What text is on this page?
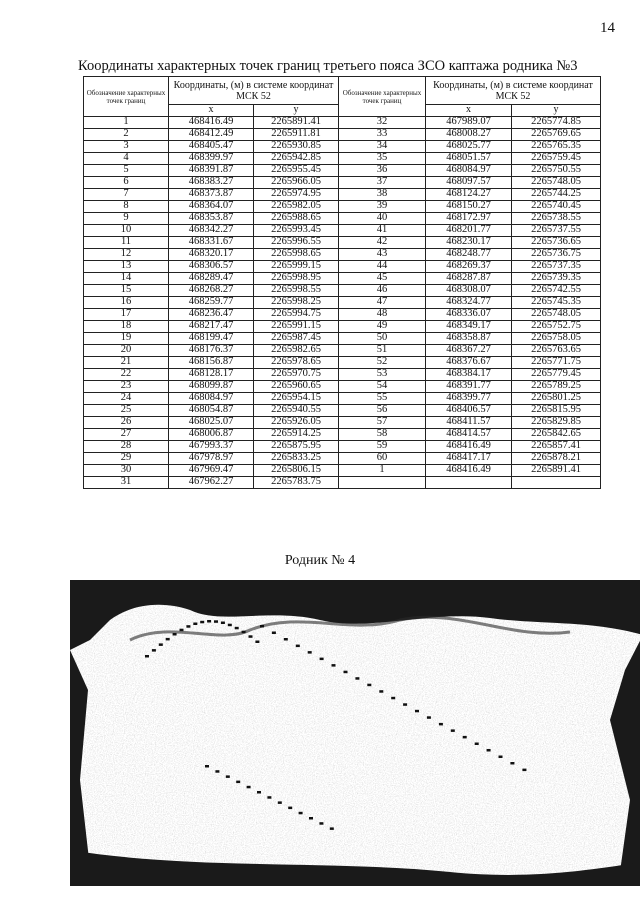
14
Координаты характерных точек границ третьего пояса ЗСО каптажа родника №3
Обозначение характерных точек границ	Координаты, (м) в системе координат МСК 52		Обозначение характерных точек границ	Координаты, (м) в системе координат МСК 52	
	x	y		x	y
1	468416.49	2265891.41	32	467989.07	2265774.85
2	468412.49	2265911.81	33	468008.27	2265769.65
3	468405.47	2265930.85	34	468025.77	2265765.35
4	468399.97	2265942.85	35	468051.57	2265759.45
5	468391.87	2265955.45	36	468084.97	2265750.55
6	468383.27	2265966.05	37	468097.57	2265748.05
7	468373.87	2265974.95	38	468124.27	2265744.25
8	468364.07	2265982.05	39	468150.27	2265740.45
9	468353.87	2265988.65	40	468172.97	2265738.55
10	468342.27	2265993.45	41	468201.77	2265737.55
11	468331.67	2265996.55	42	468230.17	2265736.65
12	468320.17	2265998.65	43	468248.77	2265736.75
13	468306.57	2265999.15	44	468269.37	2265737.35
14	468289.47	2265998.95	45	468287.87	2265739.35
15	468268.27	2265998.55	46	468308.07	2265742.55
16	468259.77	2265998.25	47	468324.77	2265745.35
17	468236.47	2265994.75	48	468336.07	2265748.05
18	468217.47	2265991.15	49	468349.17	2265752.75
19	468199.47	2265987.45	50	468358.87	2265758.05
20	468176.37	2265982.65	51	468367.27	2265763.65
21	468156.87	2265978.65	52	468376.67	2265771.75
22	468128.17	2265970.75	53	468384.17	2265779.45
23	468099.87	2265960.65	54	468391.77	2265789.25
24	468084.97	2265954.15	55	468399.77	2265801.25
25	468054.87	2265940.55	56	468406.57	2265815.95
26	468025.07	2265926.05	57	468411.57	2265829.85
27	468006.87	2265914.25	58	468414.57	2265842.65
28	467993.37	2265875.95	59	468416.49	2265857.41
29	467978.97	2265833.25	60	468417.17	2265878.21
30	467969.47	2265806.15	1	468416.49	2265891.41
31	467962.27	2265783.75			
Родник № 4
